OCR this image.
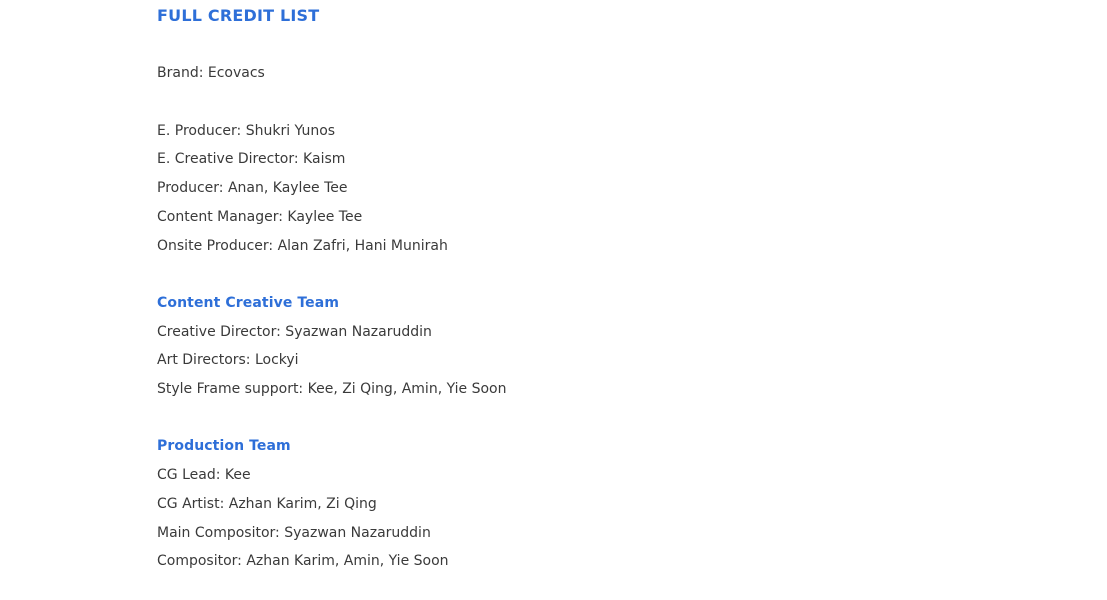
FULL CREDIT LIST
Brand: Ecovacs
E. Producer: Shukri Yunos
E. Creative Director: Kaism
Producer: Anan, Kaylee Tee
Content Manager: Kaylee Tee
Onsite Producer: Alan Zafri, Hani Munirah
Content Creative Team
Creative Director: Syazwan Nazaruddin
Art Directors: Lockyi
Style Frame support: Kee, Zi Qing, Amin, Yie Soon
Production Team
CG Lead: Kee
CG Artist: Azhan Karim, Zi Qing
Main Compositor: Syazwan Nazaruddin
Compositor: Azhan Karim, Amin, Yie Soon
